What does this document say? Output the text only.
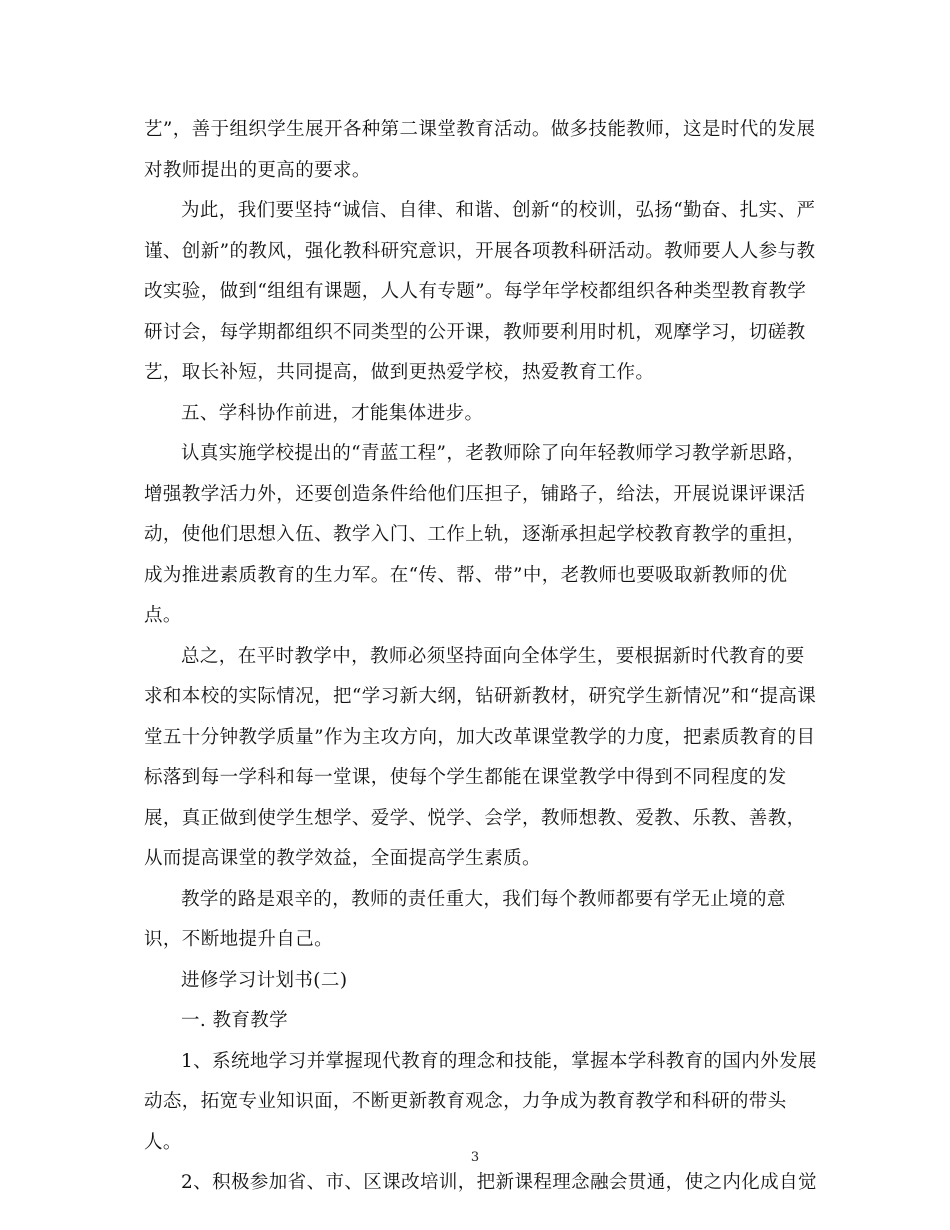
艺”，善于组织学生展开各种第二课堂教育活动。做多技能教师，这是时代的发展
对教师提出的更高的要求。
为此，我们要坚持“诚信、自律、和谐、创新“的校训，弘扬“勤奋、扎实、严
谨、创新”的教风，强化教科研究意识，开展各项教科研活动。教师要人人参与教
改实验，做到“组组有课题，人人有专题”。每学年学校都组织各种类型教育教学
研讨会，每学期都组织不同类型的公开课，教师要利用时机，观摩学习，切磋教
艺，取长补短，共同提高，做到更热爱学校，热爱教育工作。
五、学科协作前进，才能集体进步。
认真实施学校提出的“青蓝工程”，老教师除了向年轻教师学习教学新思路，
增强教学活力外，还要创造条件给他们压担子，铺路子，给法，开展说课评课活
动，使他们思想入伍、教学入门、工作上轨，逐渐承担起学校教育教学的重担，
成为推进素质教育的生力军。在“传、帮、带”中，老教师也要吸取新教师的优
点。
总之，在平时教学中，教师必须坚持面向全体学生，要根据新时代教育的要
求和本校的实际情况，把“学习新大纲，钻研新教材，研究学生新情况”和“提高课
堂五十分钟教学质量”作为主攻方向，加大改革课堂教学的力度，把素质教育的目
标落到每一学科和每一堂课，使每个学生都能在课堂教学中得到不同程度的发
展，真正做到使学生想学、爱学、悦学、会学，教师想教、爱教、乐教、善教，
从而提高课堂的教学效益，全面提高学生素质。
教学的路是艰辛的，教师的责任重大，我们每个教师都要有学无止境的意
识，不断地提升自己。
进修学习计划书(二)
一. 教育教学
1、系统地学习并掌握现代教育的理念和技能，掌握本学科教育的国内外发展
动态，拓宽专业知识面，不断更新教育观念，力争成为教育教学和科研的带头
人。
2、积极参加省、市、区课改培训，把新课程理念融会贯通，使之内化成自觉
3
